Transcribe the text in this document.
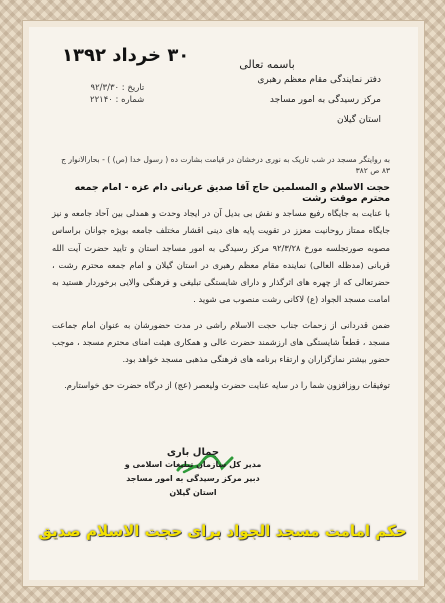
۳۰ خرداد ۱۳۹۲	باسمه تعالی
دفتر نمایندگی مقام معظم رهبری
مرکز رسیدگی به امور مساجد
استان گیلان
تاریخ : ۹۲/۳/۳۰
شماره : ۲۲۱۴۰
به روایتگر مسجد در شب تاریک به نوری درخشان در قیامت بشارت ده ( رسول خدا (ص) ) - بحارالانوار ج ۸۳ ص ۳۸۲
حجت الاسلام و المسلمین حاج آقا صدیق عریانی دام عزه - امام جمعه محترم موقت رشت

با عنایت به جایگاه رفیع مساجد و نقش بی بدیل آن در ایجاد وحدت و همدلی بین آحاد جامعه و نیز جایگاه ممتاز روحانیت معزز در تقویت پایه های دینی اقشار مختلف جامعه بویژه جوانان براساس مصوبه صورتجلسه مورخ ۹۲/۳/۲۸ مرکز رسیدگی به امور مساجد استان و تایید حضرت آیت الله قربانی (مدظله العالی) نماینده مقام معظم رهبری در استان گیلان و امام جمعه محترم رشت ، حضرتعالی که از چهره های اثرگذار و دارای شایستگی تبلیغی و فرهنگی والایی برخوردار هستید به امامت مسجد الجواد (ع) لاکانی رشت منصوب می شوید .

ضمن قدردانی از زحمات جناب حجت الاسلام راشی در مدت حضورشان به عنوان امام جماعت مسجد ، قطعاً شایستگی های ارزشمند حضرت عالی و همکاری هیئت امنای محترم مسجد ، موجب حضور بیشتر نمازگزاران و ارتقاء برنامه های فرهنگی مذهبی مسجد خواهد بود.

توفیقات روزافزون شما را در سایه عنایت حضرت ولیعصر (عج) از درگاه حضرت حق خواستارم.

جمال باری
مدیر کل سازمان تبلیغات اسلامی و
دبیر مرکز رسیدگی به امور مساجد
استان گیلان
حکم امامت مسجد الجواد برای حجت الاسلام صدیق
